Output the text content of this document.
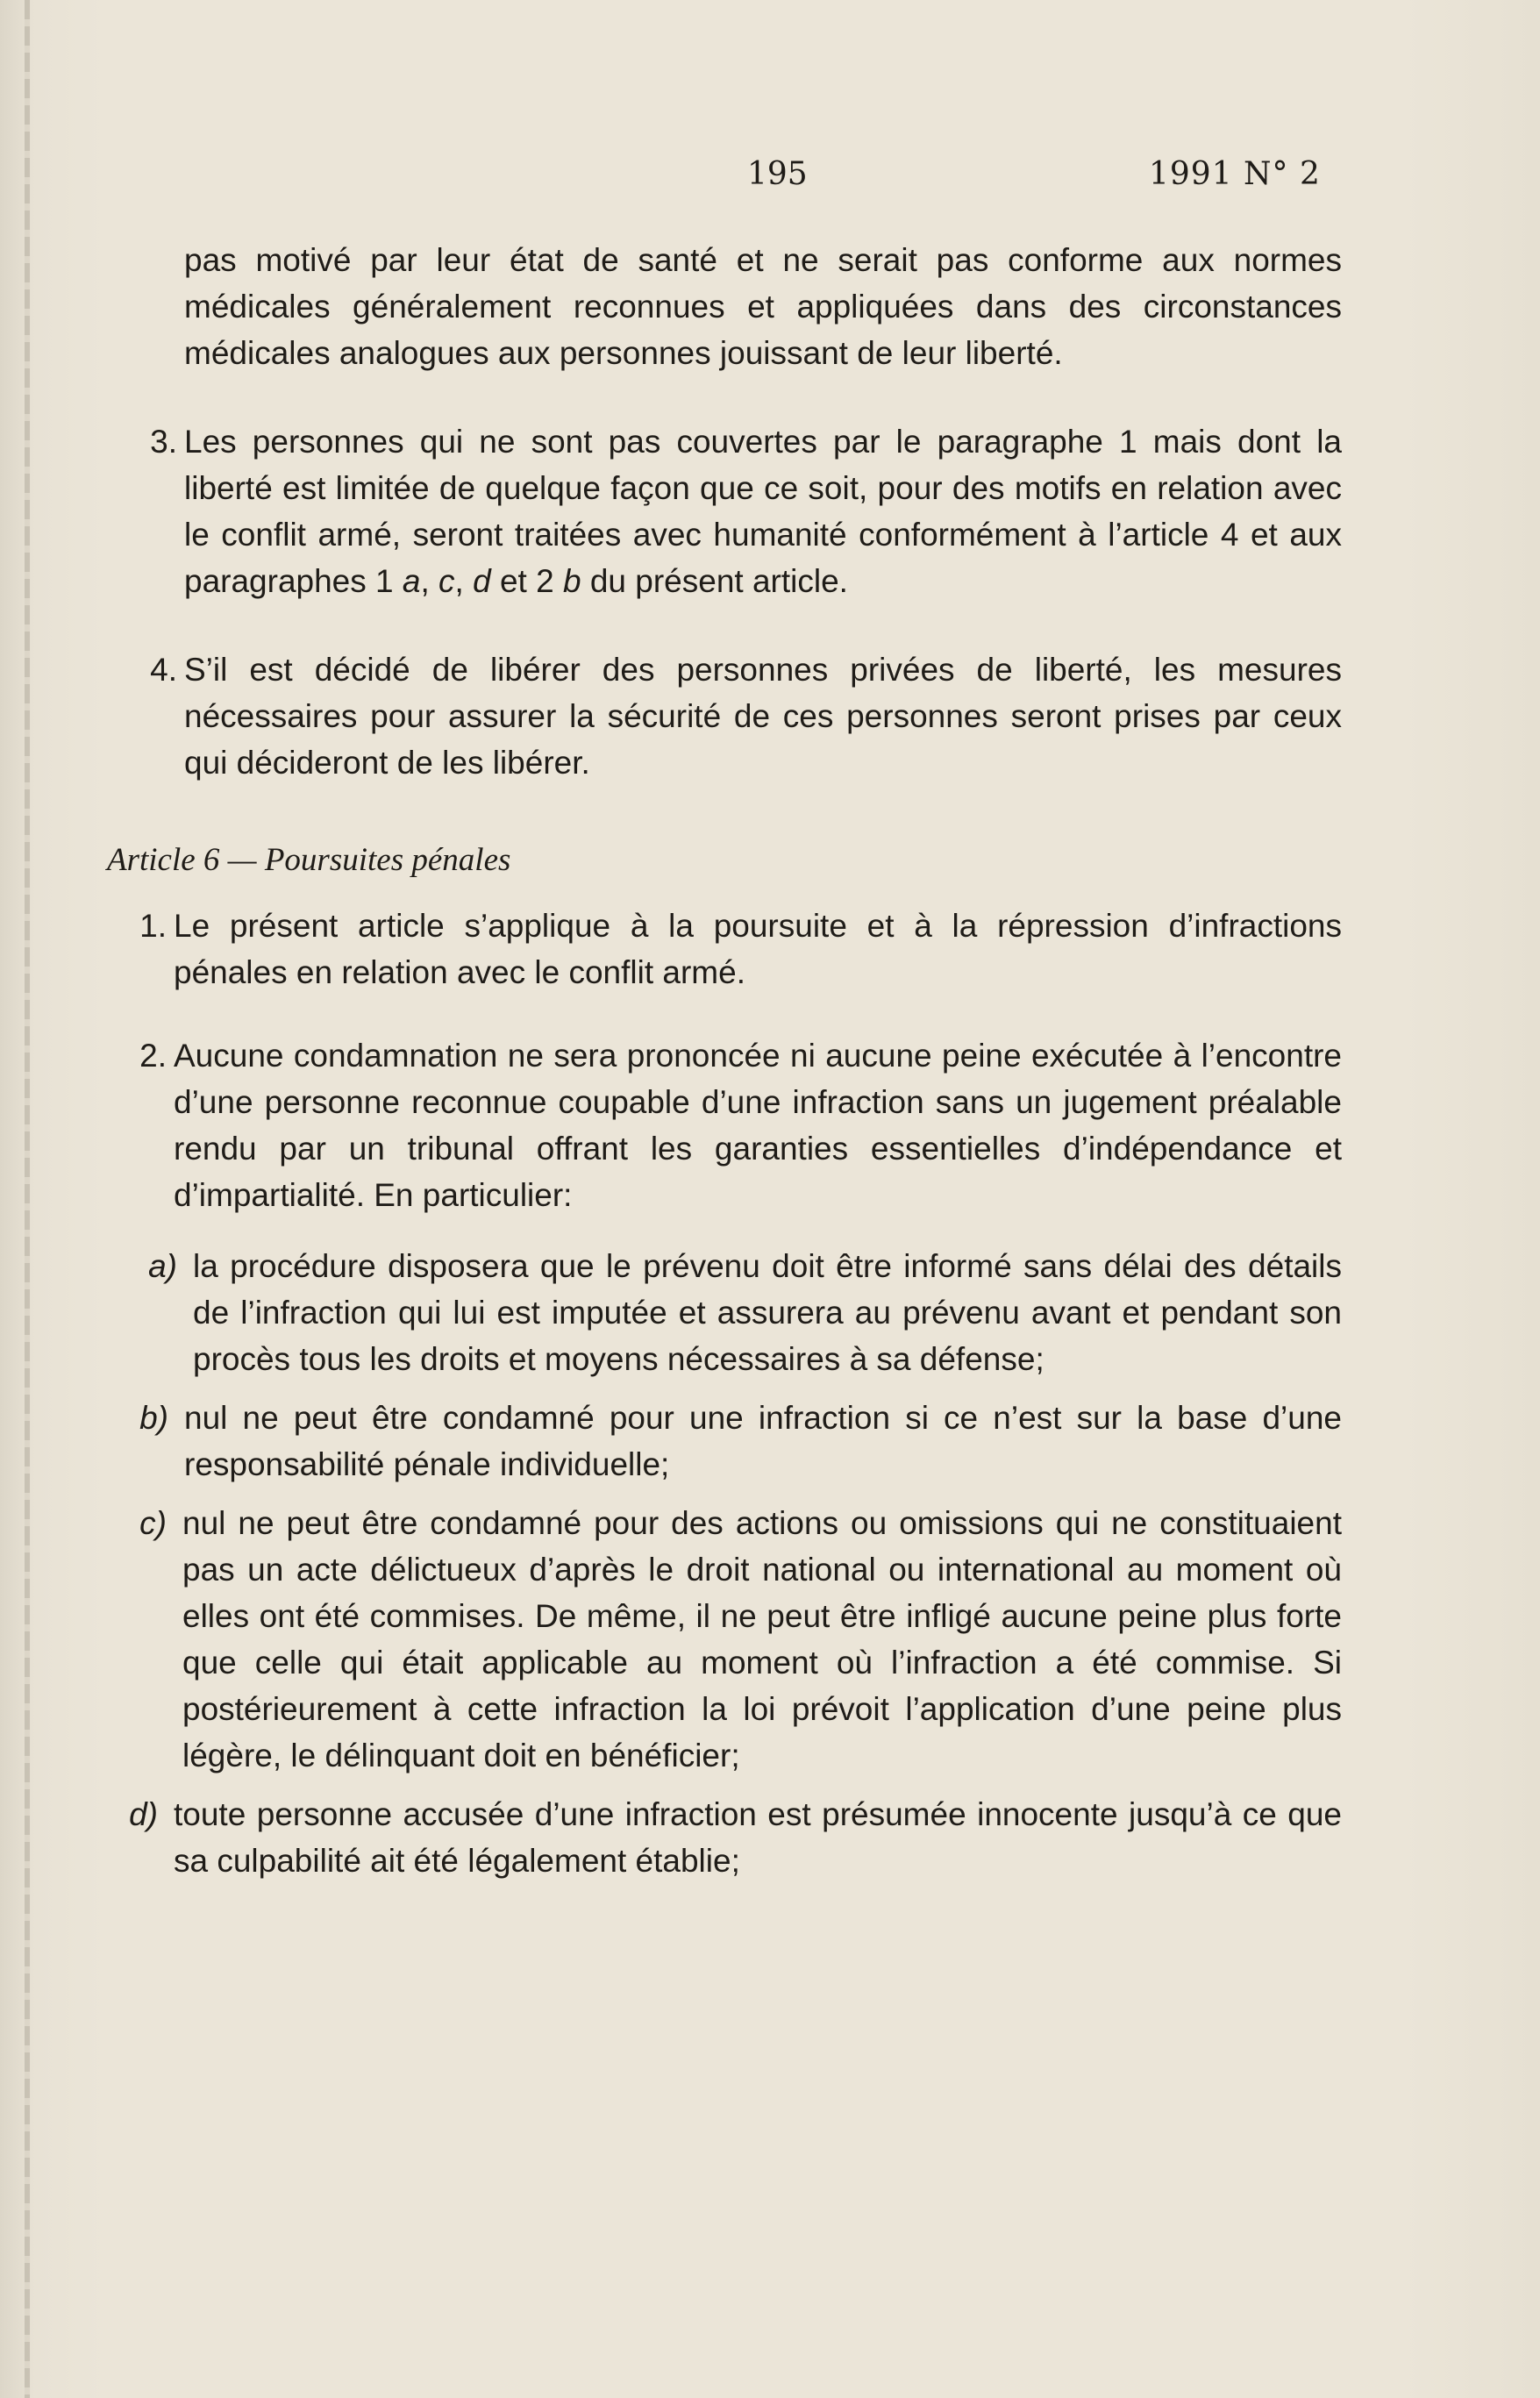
195	1991 N° 2

pas motivé par leur état de santé et ne serait pas conforme aux normes médicales généralement reconnues et appliquées dans des circonstances médicales analogues aux personnes jouissant de leur liberté.

3. Les personnes qui ne sont pas couvertes par le paragraphe 1 mais dont la liberté est limitée de quelque façon que ce soit, pour des motifs en relation avec le conflit armé, seront traitées avec humanité conformément à l’article 4 et aux paragraphes 1 a, c, d et 2 b du présent article.

4. S’il est décidé de libérer des personnes privées de liberté, les mesures nécessaires pour assurer la sécurité de ces personnes seront prises par ceux qui décideront de les libérer.

Article 6 — Poursuites pénales
1. Le présent article s’applique à la poursuite et à la répression d’infractions pénales en relation avec le conflit armé.

2. Aucune condamnation ne sera prononcée ni aucune peine exécutée à l’encontre d’une personne reconnue coupable d’une infraction sans un jugement préalable rendu par un tribunal offrant les garanties essentielles d’indépendance et d’impartialité. En particulier:

a) la procédure disposera que le prévenu doit être informé sans délai des détails de l’infraction qui lui est imputée et assurera au prévenu avant et pendant son procès tous les droits et moyens nécessaires à sa défense;

b) nul ne peut être condamné pour une infraction si ce n’est sur la base d’une responsabilité pénale individuelle;

c) nul ne peut être condamné pour des actions ou omissions qui ne constituaient pas un acte délictueux d’après le droit national ou international au moment où elles ont été commises. De même, il ne peut être infligé aucune peine plus forte que celle qui était applicable au moment où l’infraction a été commise. Si postérieurement à cette infraction la loi prévoit l’application d’une peine plus légère, le délinquant doit en bénéficier;

d) toute personne accusée d’une infraction est présumée innocente jusqu’à ce que sa culpabilité ait été légalement établie;
